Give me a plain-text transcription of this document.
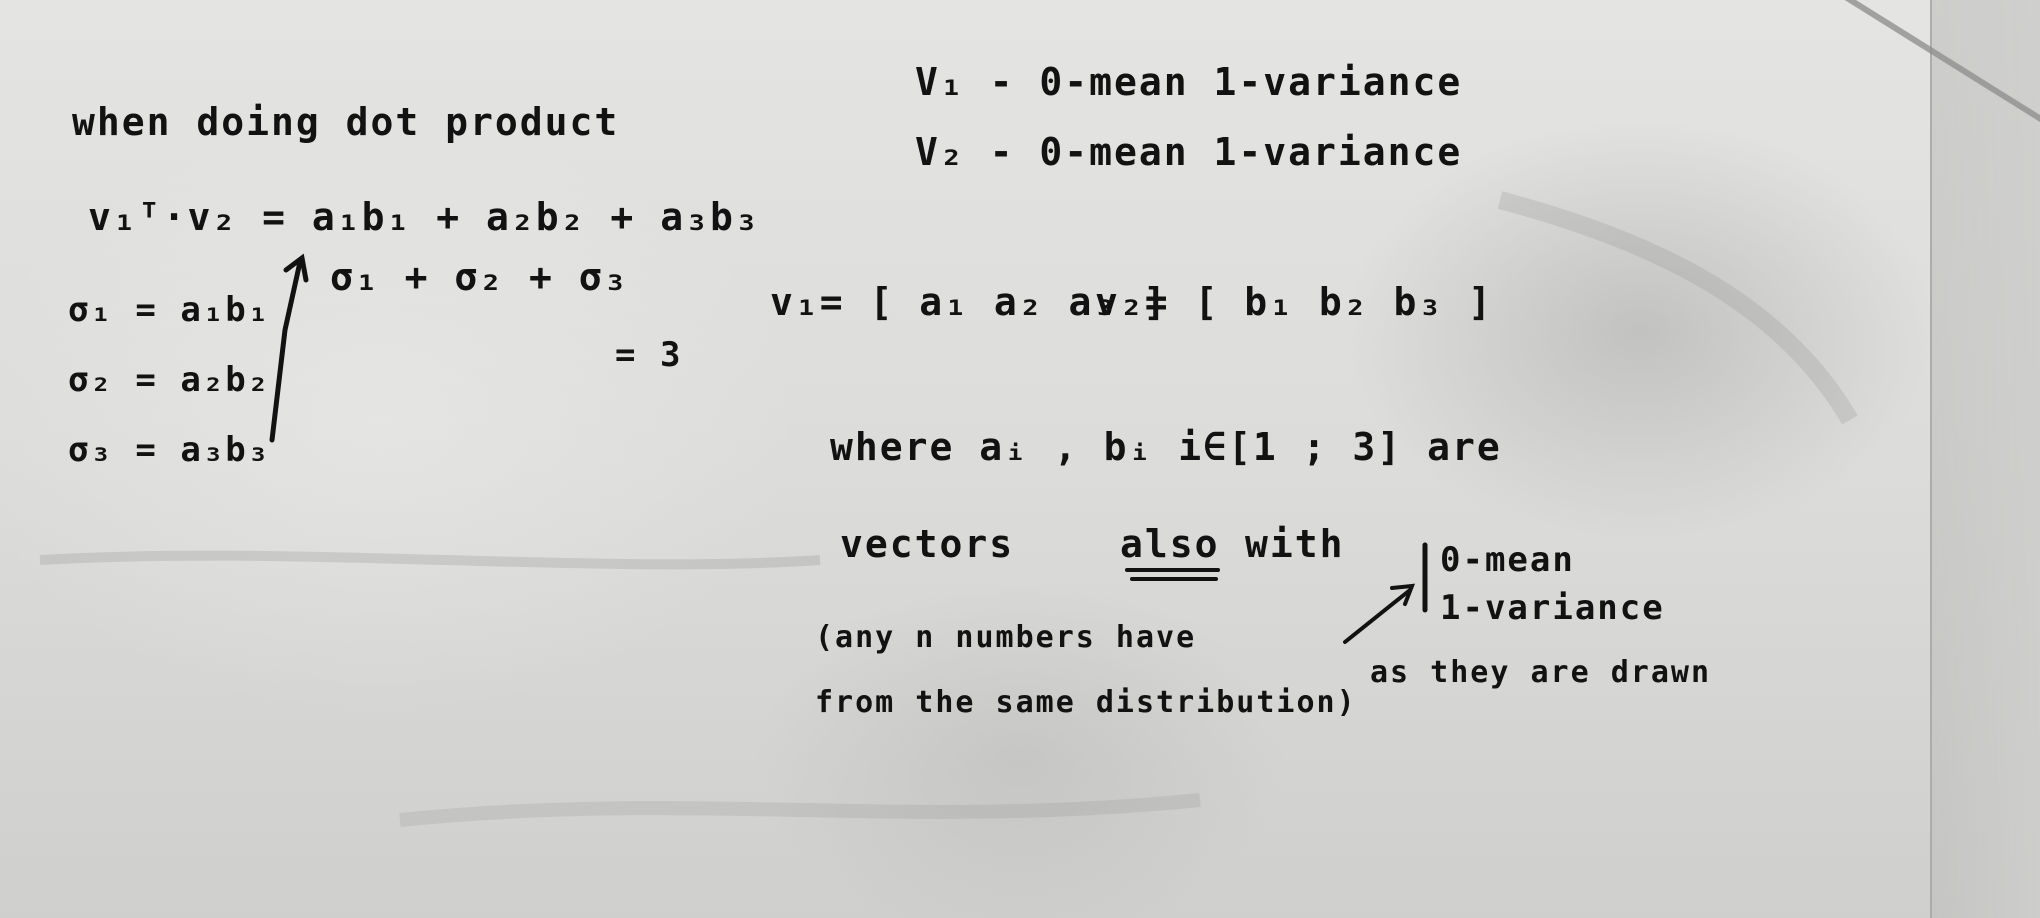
when doing dot product
v₁ᵀ·v₂ = a₁b₁ + a₂b₂ + a₃b₃
σ₁ + σ₂ + σ₃
= 3
σ₁ = a₁b₁
σ₂ = a₂b₂
σ₃ = a₃b₃
V₁ - 0-mean 1-variance
V₂ - 0-mean 1-variance
v₁= [ a₁ a₂ a₃ ]
v₂= [ b₁ b₂ b₃ ]
where aᵢ , bᵢ i∈[1 ; 3] are
vectors	also with	0-mean
1-variance
(any n numbers have
as they are drawn
from the same distribution)
